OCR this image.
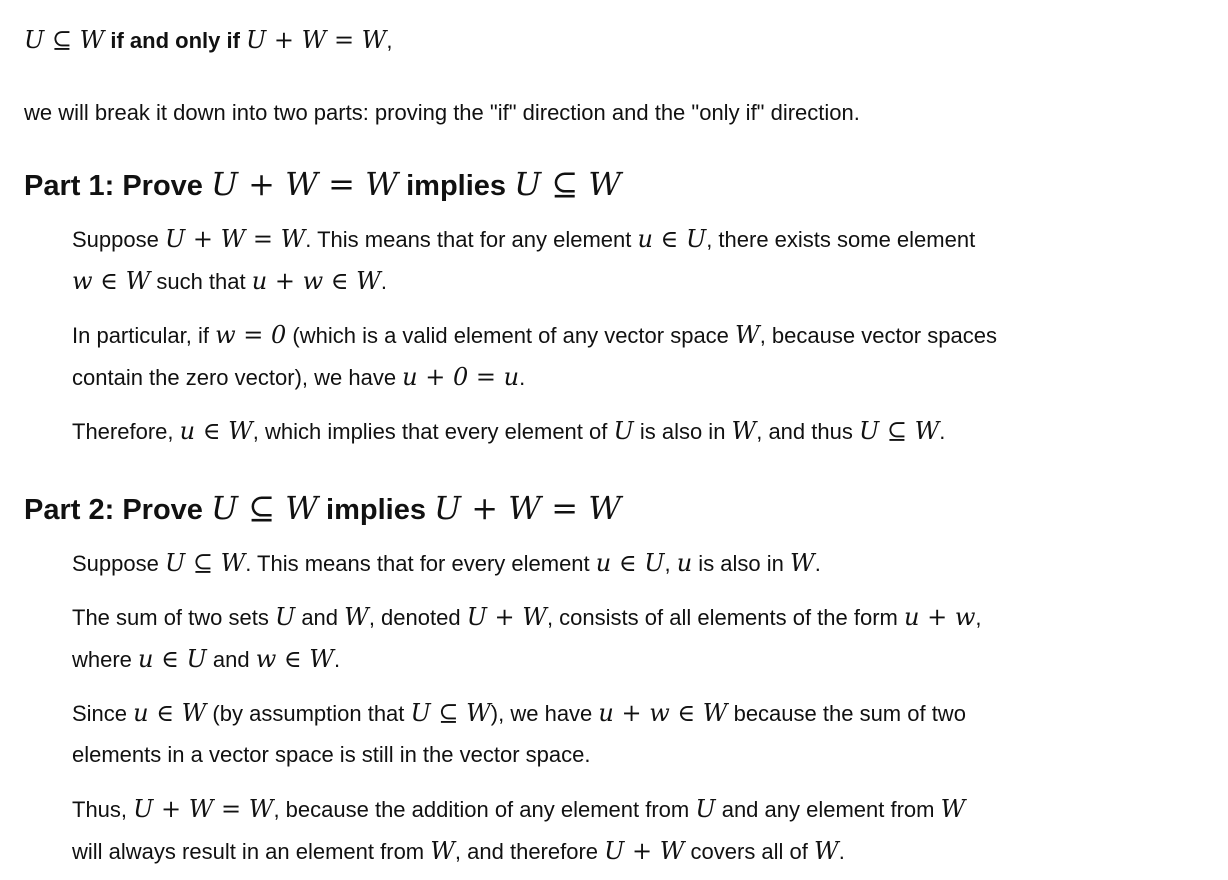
U ⊆ W if and only if U + W = W,
we will break it down into two parts: proving the "if" direction and the "only if" direction.
Part 1: Prove U + W = W implies U ⊆ W
Suppose U + W = W. This means that for any element u ∈ U, there exists some element
w ∈ W such that u + w ∈ W.
In particular, if w = 0 (which is a valid element of any vector space W, because vector spaces
contain the zero vector), we have u + 0 = u.
Therefore, u ∈ W, which implies that every element of U is also in W, and thus U ⊆ W.
Part 2: Prove U ⊆ W implies U + W = W
Suppose U ⊆ W. This means that for every element u ∈ U, u is also in W.
The sum of two sets U and W, denoted U + W, consists of all elements of the form u + w,
where u ∈ U and w ∈ W.
Since u ∈ W (by assumption that U ⊆ W), we have u + w ∈ W because the sum of two
elements in a vector space is still in the vector space.
Thus, U + W = W, because the addition of any element from U and any element from W
will always result in an element from W, and therefore U + W covers all of W.
